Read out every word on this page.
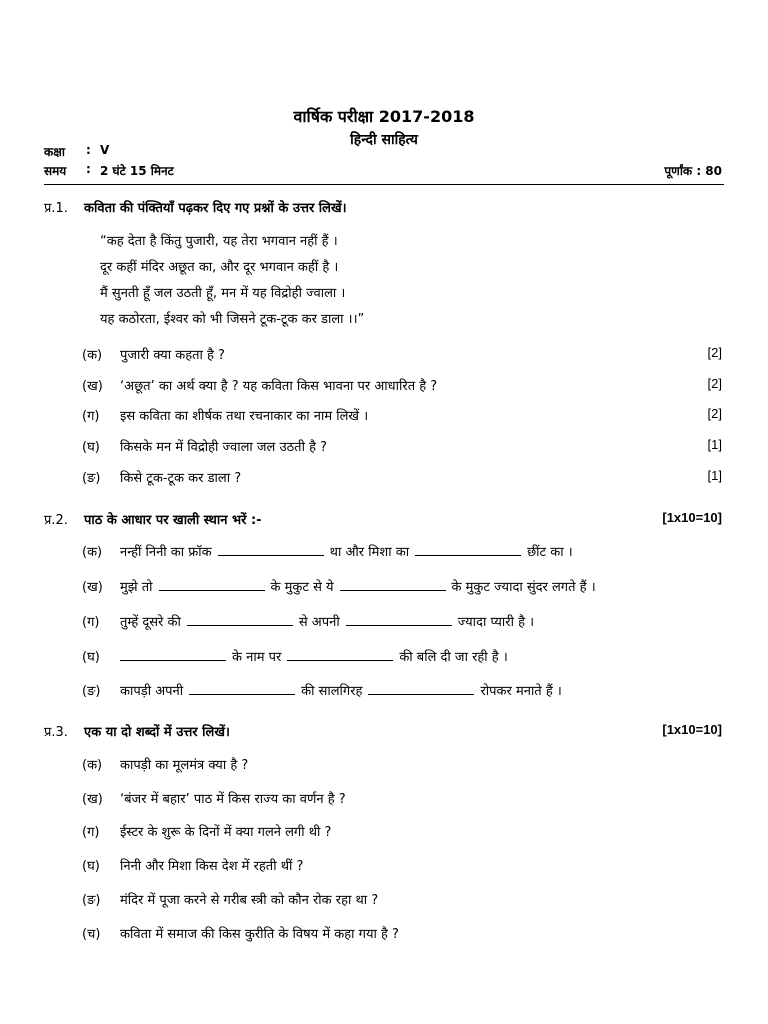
वार्षिक परीक्षा 2017-2018
हिन्दी साहित्य
कक्षा	: V
समय	: 2 घंटे 15 मिनट	पूर्णांक : 80
प्र.1.	कविता की पंक्तियाँ पढ़कर दिए गए प्रश्नों के उत्तर लिखें।
“कह देता है किंतु पुजारी, यह तेरा भगवान नहीं हैं ।
दूर कहीं मंदिर अछूत का, और दूर भगवान कहीं है ।
मैं सुनती हूँ जल उठती हूँ, मन में यह विद्रोही ज्वाला ।
यह कठोरता, ईश्वर को भी जिसने टूक-टूक कर डाला ।।”
(क)	पुजारी क्या कहता है ?	[2]
(ख)	‘अछूत’ का अर्थ क्या है ? यह कविता किस भावना पर आधारित है ?	[2]
(ग)	इस कविता का शीर्षक तथा रचनाकार का नाम लिखें ।	[2]
(घ)	किसके मन में विद्रोही ज्वाला जल उठती है ?	[1]
(ङ)	किसे टूक-टूक कर डाला ?	[1]
प्र.2.	पाठ के आधार पर खाली स्थान भरें :-	[1x10=10]
(क)	नन्हीं निनी का फ्रॉक	था और मिशा का	छींट का ।
(ख)	मुझे तो	के मुकुट से ये	के मुकुट ज्यादा सुंदर लगते हैं ।
(ग)	तुम्हें दूसरे की	से अपनी	ज्यादा प्यारी है ।
(घ)	के नाम पर	की बलि दी जा रही है ।
(ङ)	कापड़ी अपनी	की सालगिरह	रोपकर मनाते हैं ।
प्र.3.	एक या दो शब्दों में उत्तर लिखें।	[1x10=10]
(क)	कापड़ी का मूलमंत्र क्या है ?
(ख)	‘बंजर में बहार’ पाठ में किस राज्य का वर्णन है ?
(ग)	ईस्टर के शुरू के दिनों में क्या गलने लगी थी ?
(घ)	निनी और मिशा किस देश में रहती थीं ?
(ङ)	मंदिर में पूजा करने से गरीब स्त्री को कौन रोक रहा था ?
(च)	कविता में समाज की किस कुरीति के विषय में कहा गया है ?
